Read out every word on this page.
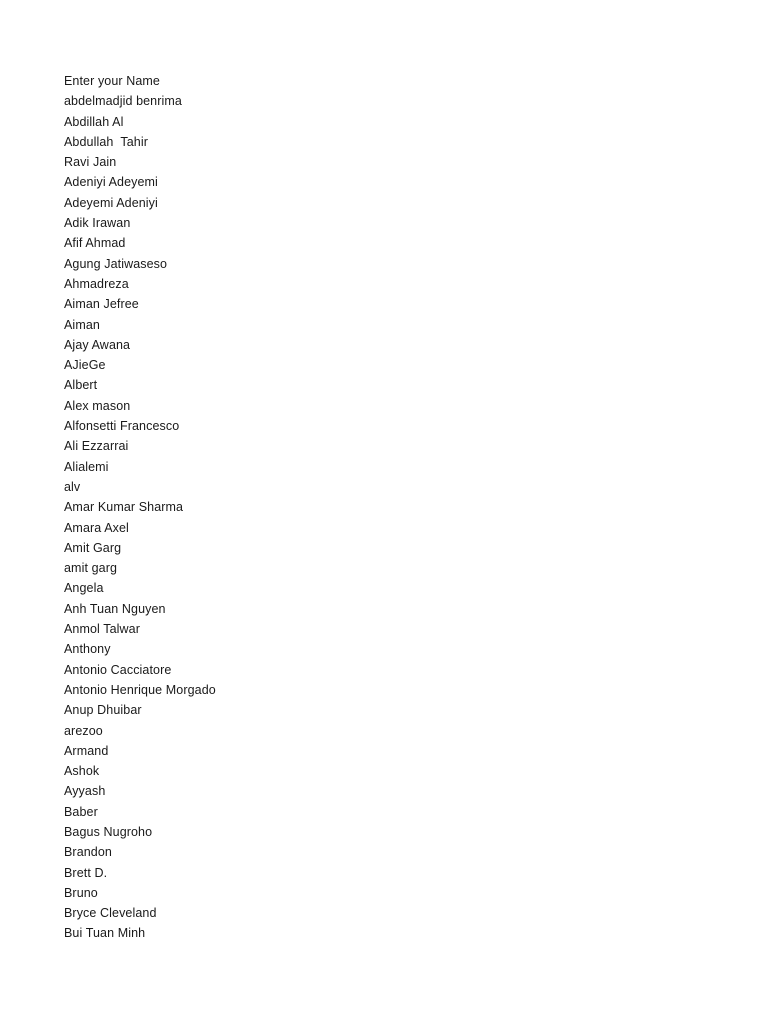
Enter your Name
abdelmadjid benrima
Abdillah Al
Abdullah  Tahir
Ravi Jain
Adeniyi Adeyemi
Adeyemi Adeniyi
Adik Irawan
Afif Ahmad
Agung Jatiwaseso
Ahmadreza
Aiman Jefree
Aiman
Ajay Awana
AJieGe
Albert
Alex mason
Alfonsetti Francesco
Ali Ezzarrai
Alialemi
alv
Amar Kumar Sharma
Amara Axel
Amit Garg
amit garg
Angela
Anh Tuan Nguyen
Anmol Talwar
Anthony
Antonio Cacciatore
Antonio Henrique Morgado
Anup Dhuibar
arezoo
Armand
Ashok
Ayyash
Baber
Bagus Nugroho
Brandon
Brett D.
Bruno
Bryce Cleveland
Bui Tuan Minh
